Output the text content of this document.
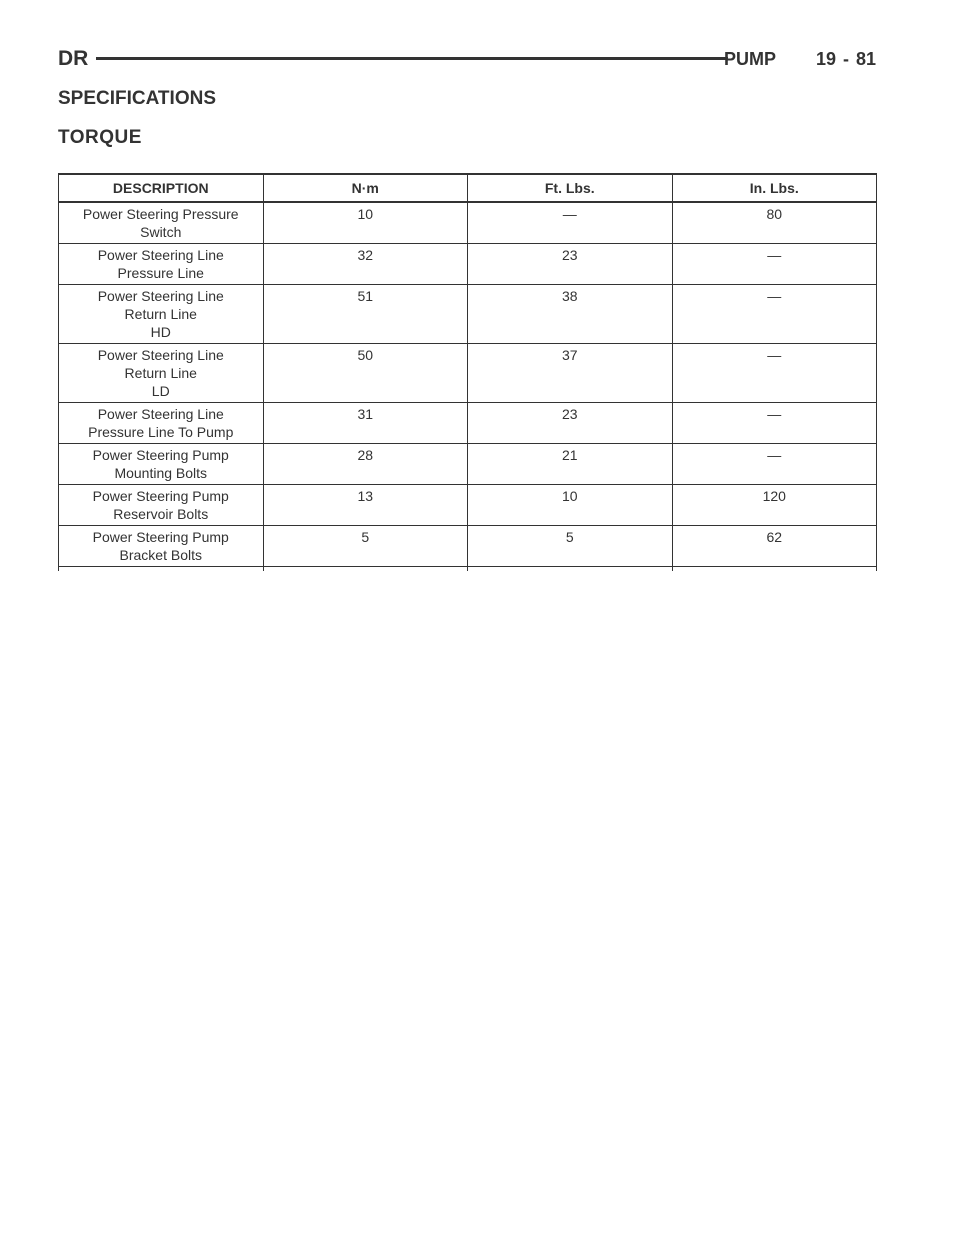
DR	PUMP 19 - 81
SPECIFICATIONS
TORQUE
DESCRIPTION	N·m	Ft. Lbs.	In. Lbs.

Power Steering Pressure
Switch	10	—	80

Power Steering Line
Pressure Line	32	23	—

Power Steering Line
Return Line
HD	51	38	—

Power Steering Line
Return Line
LD	50	37	—

Power Steering Line
Pressure Line To Pump	31	23	—

Power Steering Pump
Mounting Bolts	28	21	—

Power Steering Pump
Reservoir Bolts	13	10	120

Power Steering Pump
Bracket Bolts	5	5	62
